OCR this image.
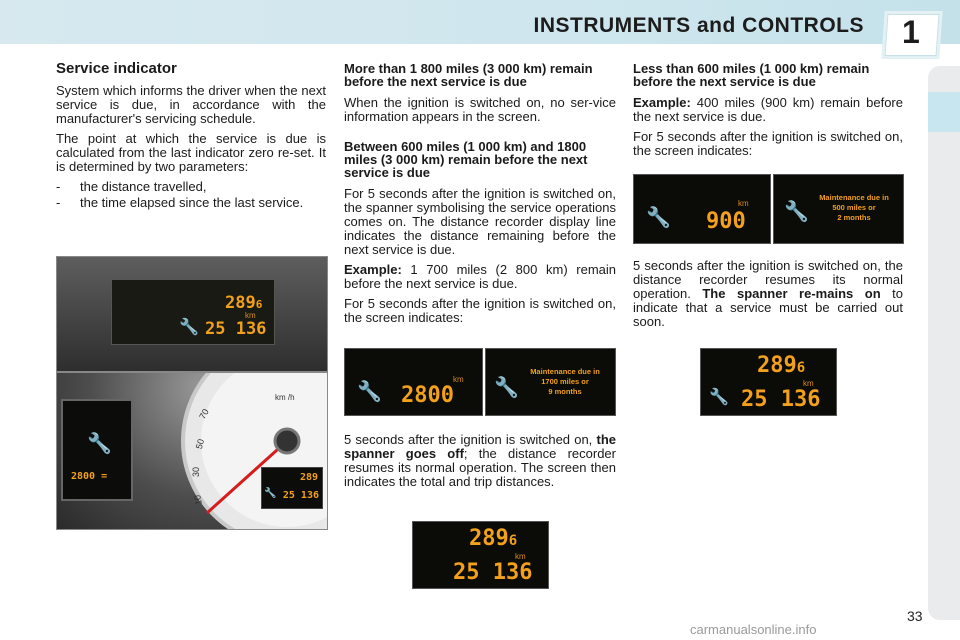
INSTRUMENTS and CONTROLS 1
Service indicator

System which informs the driver when the next service is due, in accordance with the manufacturer's servicing schedule.

The point at which the service is due is calculated from the last indicator zero re-set. It is determined by two parameters:

-	the distance travelled,
-	the time elapsed since the last service.
2896
km
🔧 25 136
🔧
2800 =
70
50
30
10
km /h
289
🔧 25 136
More than 1 800 miles (3 000 km) remain before the next service is due

When the ignition is switched on, no ser-vice information appears in the screen.

Between 600 miles (1 000 km) and 1800 miles (3 000 km) remain before the next service is due

For 5 seconds after the ignition is switched on, the spanner symbolising the service operations comes on. The distance recorder display line indicates the distance remaining before the next service is due.

Example: 1 700 miles (2 800 km) remain before the next service is due.

For 5 seconds after the ignition is switched on, the screen indicates:

🔧
km
2800 🔧
Maintenance due in
1700 miles or
9 months

5 seconds after the ignition is switched on, the spanner goes off; the distance recorder resumes its normal operation. The screen then indicates the total and trip distances.

2896
km
25 136
Less than 600 miles (1 000 km) remain before the next service is due

Example: 400 miles (900 km) remain before the next service is due.

For 5 seconds after the ignition is switched on, the screen indicates:

🔧
km
900 🔧
Maintenance due in
500 miles or
2 months

5 seconds after the ignition is switched on, the distance recorder resumes its normal operation. The spanner re-mains on to indicate that a service must be carried out soon.

2896
km
🔧 25 136
33
carmanualsonline.info
